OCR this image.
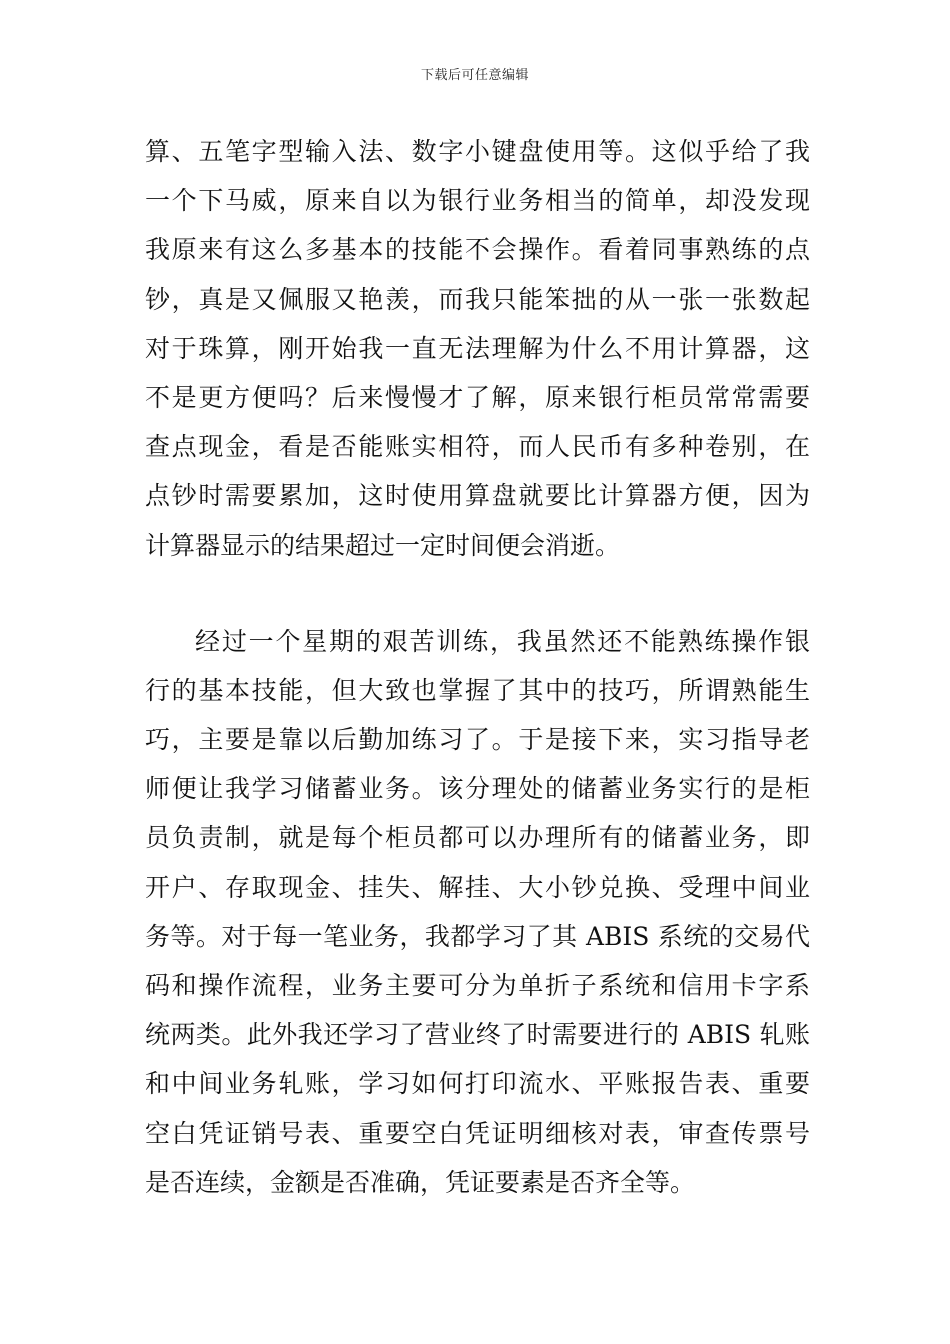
下载后可任意编辑
算、五笔字型输入法、数字小键盘使用等。这似乎给了我
一个下马威，原来自以为银行业务相当的简单，却没发现
我原来有这么多基本的技能不会操作。看着同事熟练的点
钞，真是又佩服又艳羡，而我只能笨拙的从一张一张数起
对于珠算，刚开始我一直无法理解为什么不用计算器，这
不是更方便吗？后来慢慢才了解，原来银行柜员常常需要
查点现金，看是否能账实相符，而人民币有多种卷别，在
点钞时需要累加，这时使用算盘就要比计算器方便，因为
计算器显示的结果超过一定时间便会消逝。
经过一个星期的艰苦训练，我虽然还不能熟练操作银
行的基本技能，但大致也掌握了其中的技巧，所谓熟能生
巧，主要是靠以后勤加练习了。于是接下来，实习指导老
师便让我学习储蓄业务。该分理处的储蓄业务实行的是柜
员负责制，就是每个柜员都可以办理所有的储蓄业务，即
开户、存取现金、挂失、解挂、大小钞兑换、受理中间业
务等。对于每一笔业务，我都学习了其 ABIS 系统的交易代
码和操作流程，业务主要可分为单折子系统和信用卡字系
统两类。此外我还学习了营业终了时需要进行的 ABIS 轧账
和中间业务轧账，学习如何打印流水、平账报告表、重要
空白凭证销号表、重要空白凭证明细核对表，审查传票号
是否连续，金额是否准确，凭证要素是否齐全等。
